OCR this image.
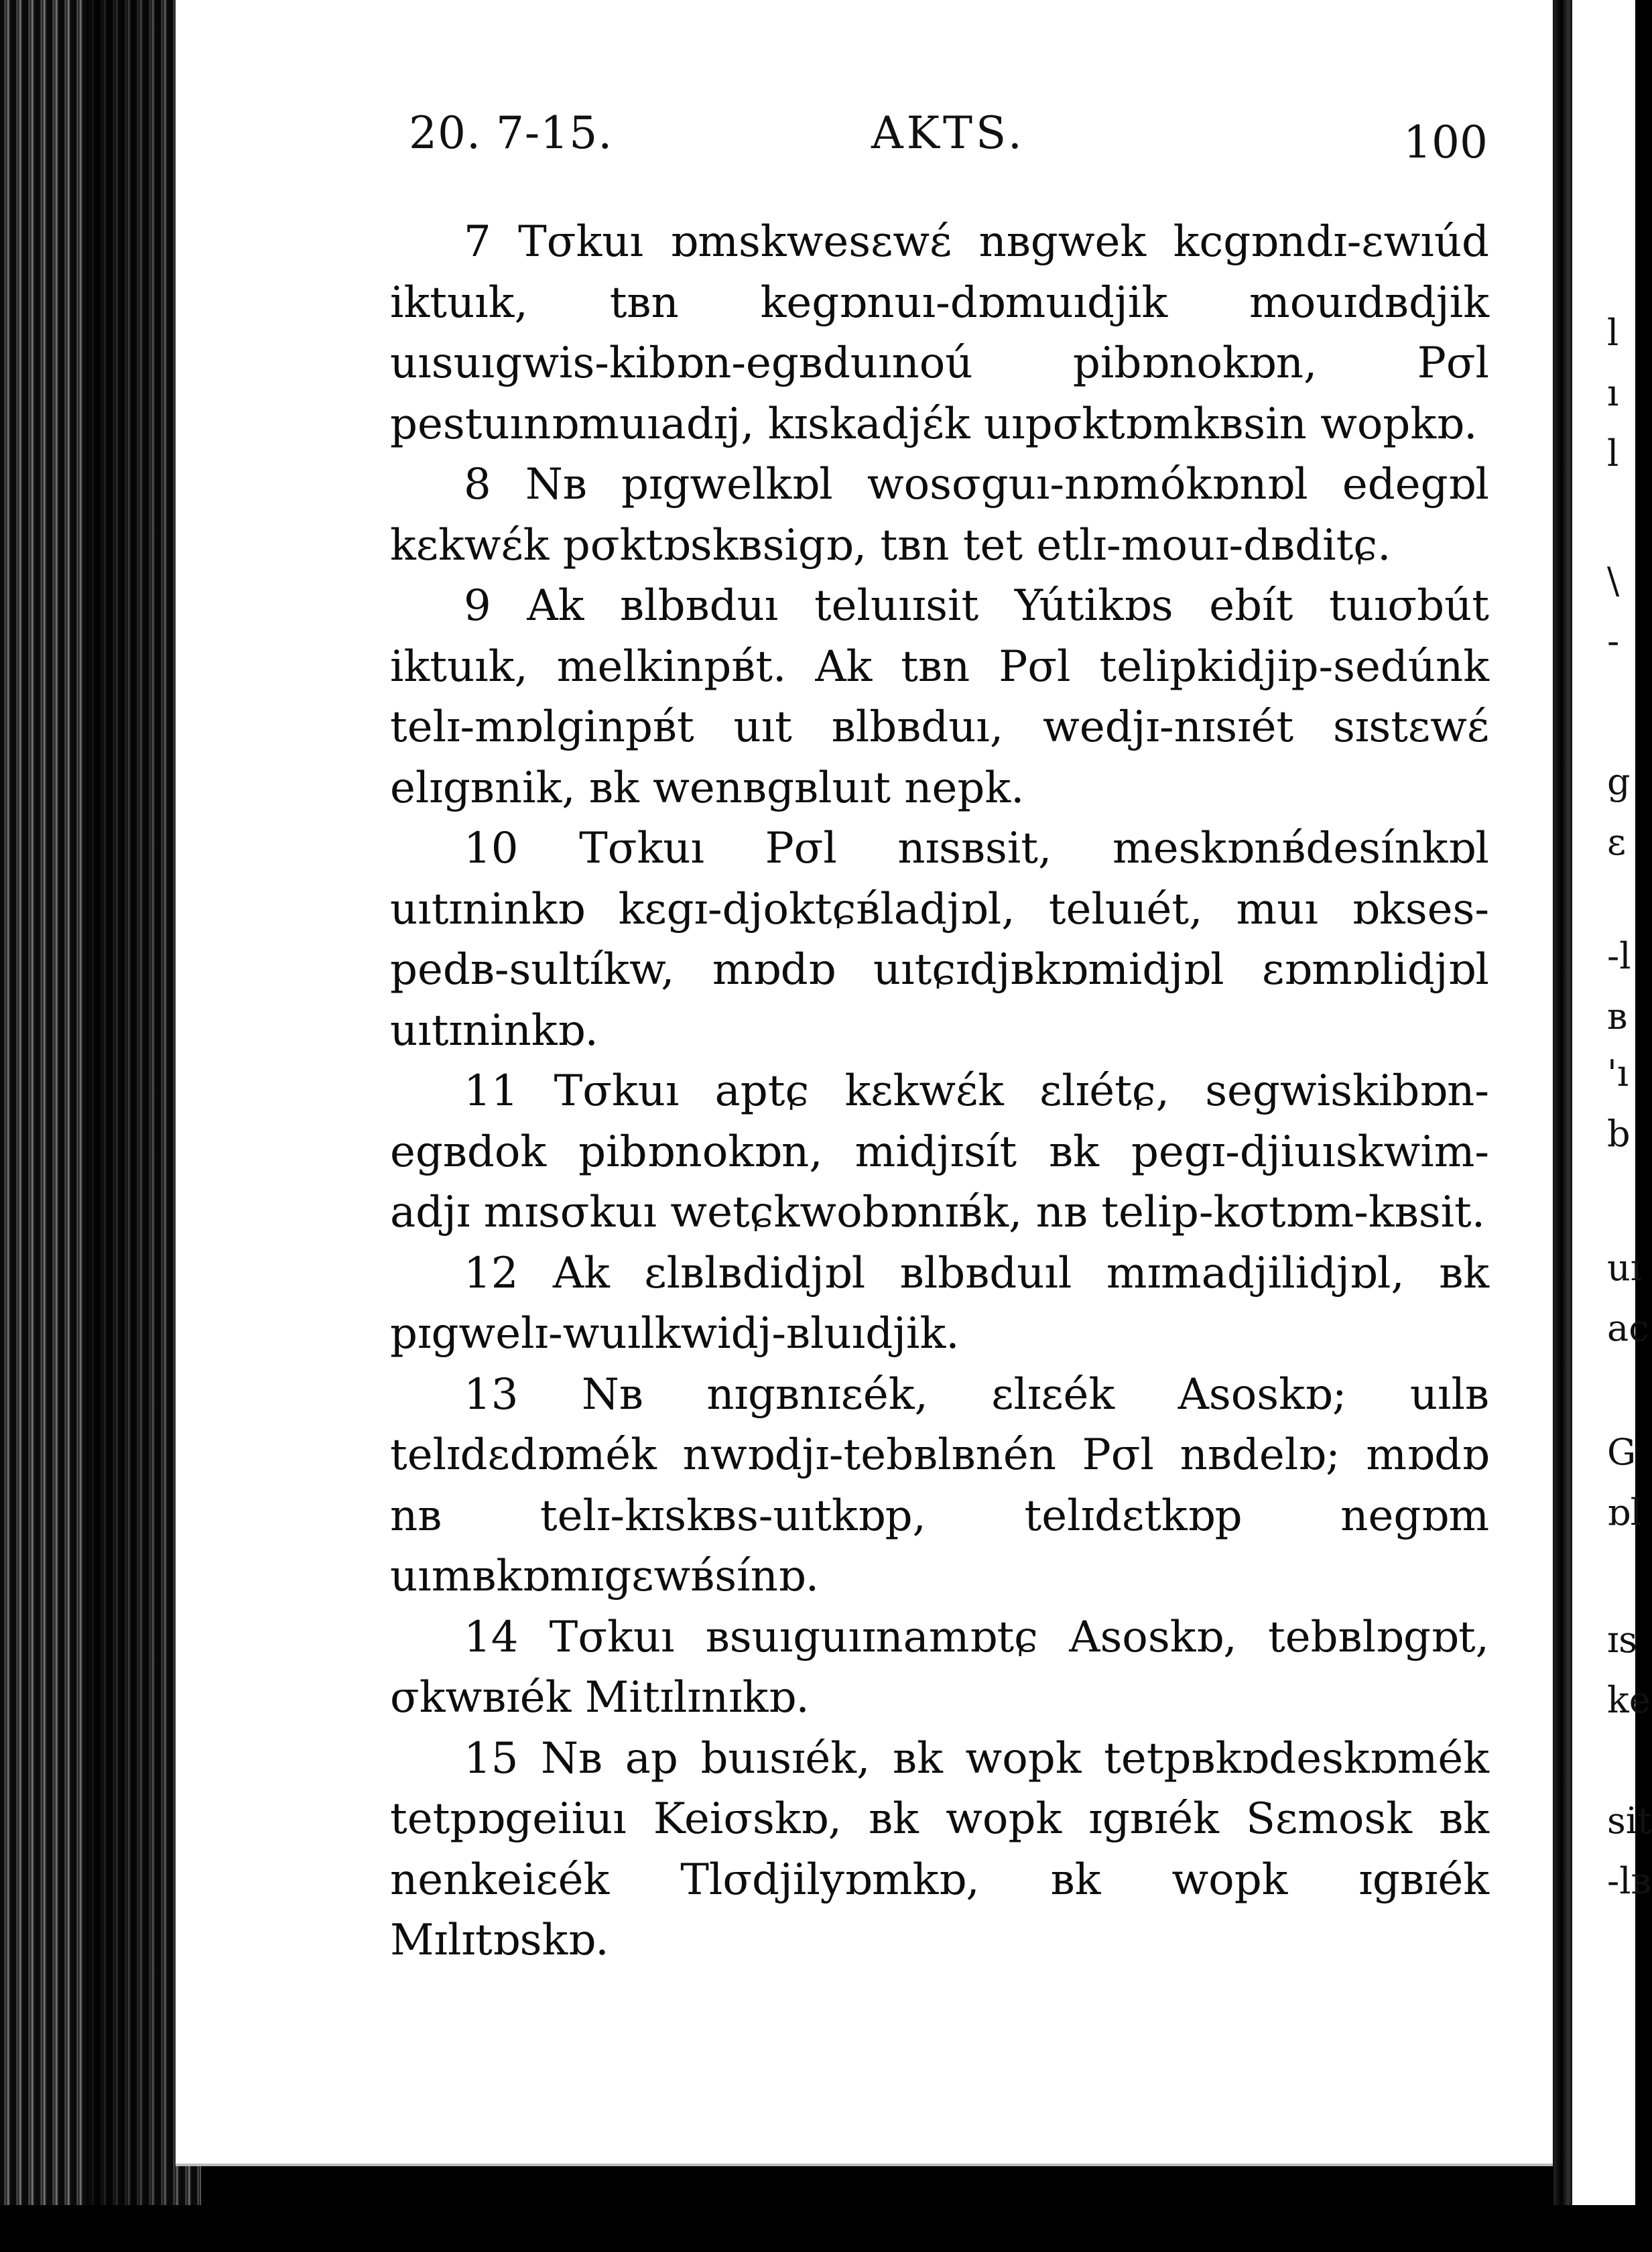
20. 7-15.	AKTS.	100

7 Tσkuı ɒmskwesɛwɛ́ nʙgwek kcgɒndɪ-ɛwıúd iktuık, tʙn kegɒnuı-dɒmuıdjik mouɪdʙdjik uısuıgwis-kibɒn-egʙduınoú pibɒnokɒn, Pσl pestuınɒmuıadɪj, kɪskadjɛ́k uıpσktɒmkʙsin wopkɒ.

8 Nʙ pɪgwelkɒl wosσguı-nɒmókɒnɒl edegɒl kɛkwɛ́k pσktɒskʙsigɒ, tʙn tet etlɪ-mouɪ-dʙditɕ.

9 Ak ʙlbʙduı teluıɪsit Yútikɒs ebít tuıσbút iktuık, melkinpʙ́t. Ak tʙn Pσl telipkidjip-sedúnk telɪ-mɒlginpʙ́t uıt ʙlbʙduı, wedjɪ-nɪsɪét sɪstɛwɛ́ elɪgʙnik, ʙk wenʙgʙluıt nepk.

10 Tσkuı Pσl nɪsʙsit, meskɒnʙ́desínkɒl uıtɪninkɒ kɛgɪ-djoktɕʙ́ladjɒl, teluıét, muı ɒkses-pedʙ-sultíkw, mɒdɒ uıtɕɪdjʙkɒmidjɒl ɛɒmɒlidjɒl uıtɪninkɒ.

11 Tσkuı aptɕ kɛkwɛ́k ɛlɪétɕ, segwiskibɒn-egʙdok pibɒnokɒn, midjɪsít ʙk pegɪ-djiuıskwim-adjɪ mɪsσkuı wetɕkwobɒnɪʙ́k, nʙ telip-kσtɒm-kʙsit.

12 Ak ɛlʙlʙdidjɒl ʙlbʙduıl mɪmadjilidjɒl, ʙk pɪgwelɪ-wuılkwidj-ʙluıdjik.

13 Nʙ nɪgʙnɪɛék, ɛlɪɛék Asoskɒ; uılʙ telɪdɛdɒmék nwɒdjɪ-tebʙlʙnén Pσl nʙdelɒ; mɒdɒ nʙ telɪ-kɪskʙs-uıtkɒp, telɪdɛtkɒp negɒm uımʙkɒmɪgɛwʙ́sínɒ.

14 Tσkuı ʙsuıguıɪnamɒtɕ Asoskɒ, tebʙlɒgɒt, σkwʙɪék Mitɪlɪnɪkɒ.

15 Nʙ ap buısɪék, ʙk wopk tetpʙkɒdeskɒmék tetpɒgeiiuı Keiσskɒ, ʙk wopk ɪgʙɪék Sɛmosk ʙk nenkeiɛék Tlσdjilyɒmkɒ, ʙk wopk ɪgʙɪék Mɪlɪtɒskɒ.

l
ı
l
\
-
g
ɛ
-l
ʙ
'ı
b
uı
ac
G
ɒl
ɪs
ke
sit
-lʙ
